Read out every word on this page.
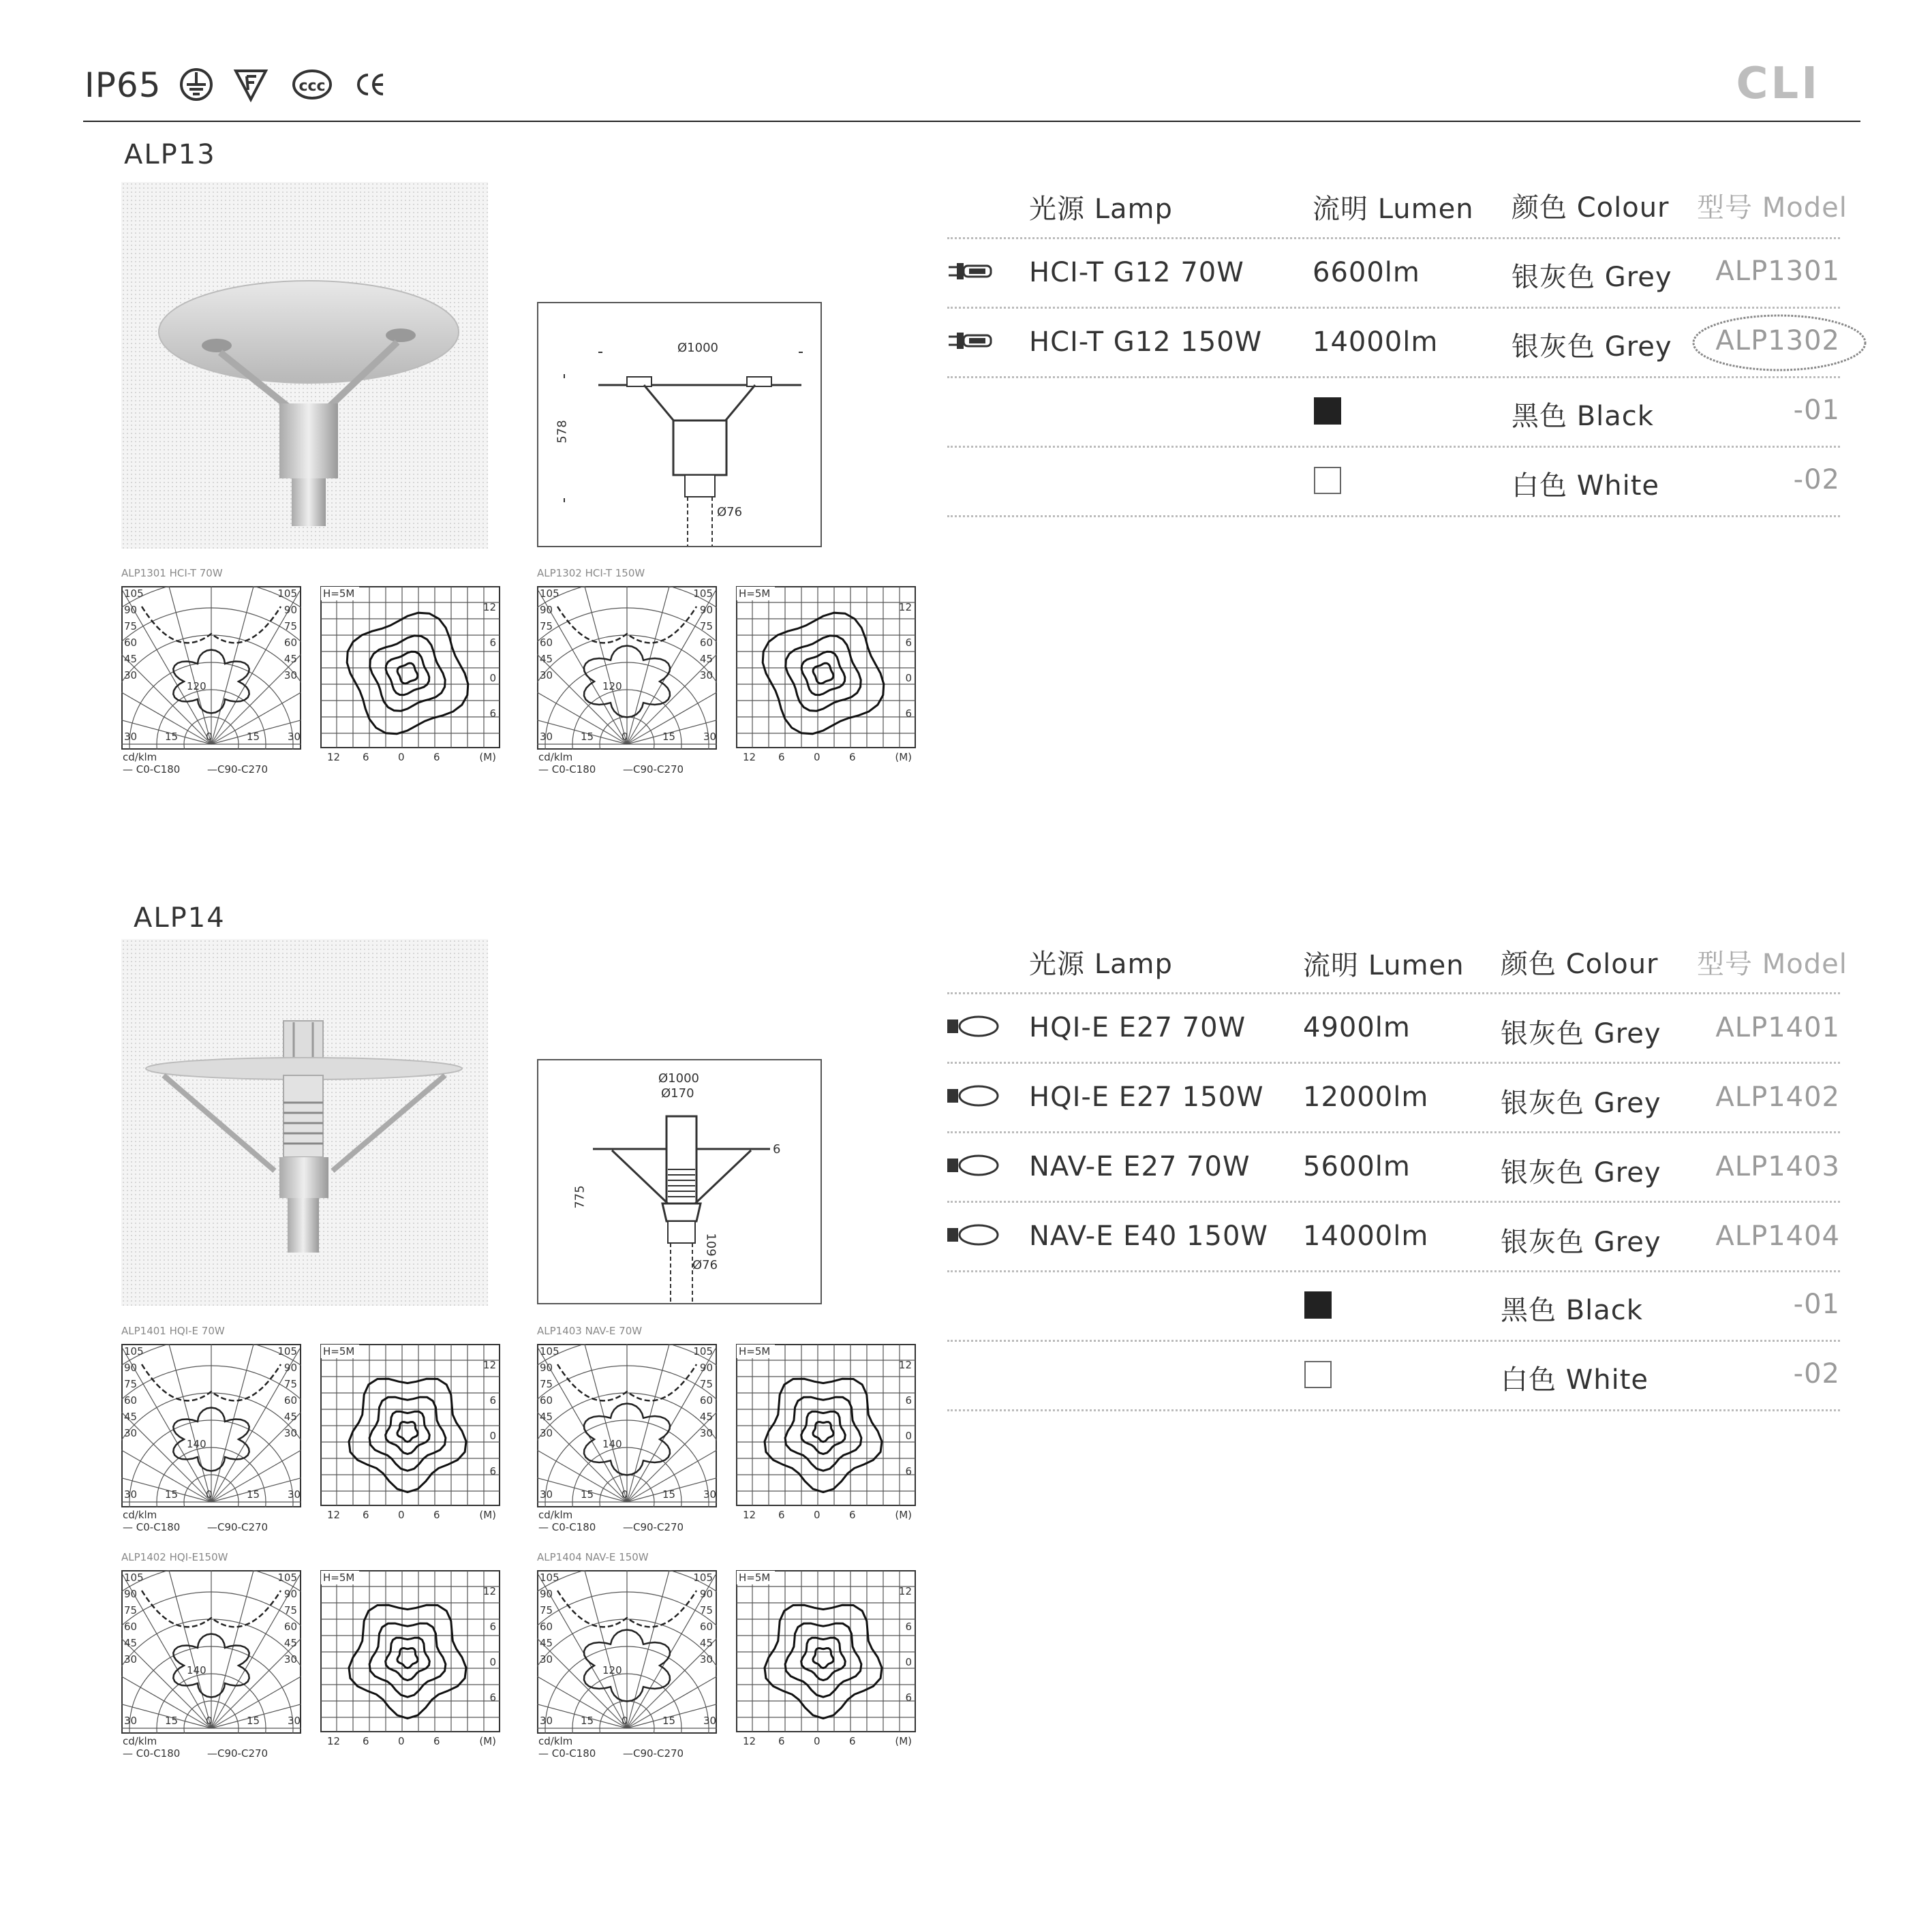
IP65	ccc	CLI
ALP13
Ø1000
578
Ø76
光源 Lamp	流明 Lumen 颜色 Colour 型号 Model
HCI-T G12 70W	6600lm	银灰色 Grey	ALP1301
HCI-T G12 150W 14000lm	银灰色 Grey	ALP1302
黑色 Black	-01
白色 White	-02
ALP14
Ø1000
Ø170
6
775
109
Ø76
光源 Lamp	流明 Lumen 颜色 Colour 型号 Model
HQI-E E27 70W 4900lm	银灰色 Grey	ALP1401
HQI-E E27 150W 12000lm	银灰色 Grey	ALP1402
NAV-E E27 70W 5600lm	银灰色 Grey	ALP1403
NAV-E E40 150W 14000lm	银灰色 Grey	ALP1404
黑色 Black	-01
白色 White	-02
ALP1301 HCI-T 70W
105
90
75
60
45
30
105
90
75
60
45
30
120
30	15	0	15	30
cd/klm
— C0-C180	—C90-C270
H=5M
12
6
0
6
12 6	0	6	(M)
ALP1302 HCI-T 150W
105
90
75
60
45
30
105
90
75
60
45
30
120
30	15	0	15	30
cd/klm
— C0-C180	—C90-C270
H=5M
12
6
0
6
12 6	0	6	(M)
ALP1401 HQI-E 70W
105
90
75
60
45
30
105
90
75
60
45
30
140
30	15	0	15	30
cd/klm
— C0-C180	—C90-C270
H=5M
12
6
0
6
12 6	0	6	(M)
ALP1403 NAV-E 70W
105
90
75
60
45
30
105
90
75
60
45
30
140
30	15	0	15	30
cd/klm
— C0-C180	—C90-C270
H=5M
12
6
0
6
12 6	0	6	(M)
ALP1402 HQI-E150W
105
90
75
60
45
30
105
90
75
60
45
30
140
30	15	0	15	30
cd/klm
— C0-C180	—C90-C270
H=5M
12
6
0
6
12 6	0	6	(M)
ALP1404 NAV-E 150W
105
90
75
60
45
30
105
90
75
60
45
30
120
30	15	0	15	30
cd/klm
— C0-C180	—C90-C270
H=5M
12
6
0
6
12 6	0	6	(M)
